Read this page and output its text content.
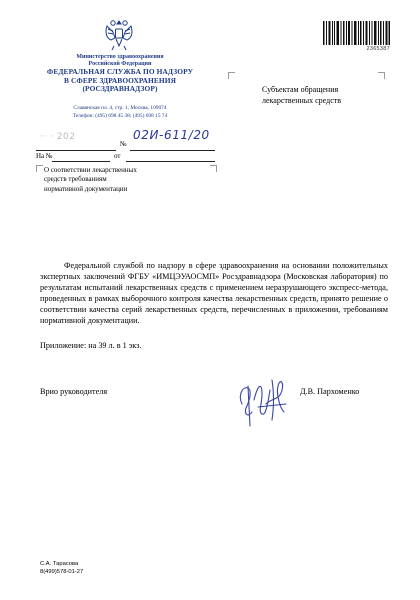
Министерство здравоохранения
Российской Федерации
ФЕДЕРАЛЬНАЯ СЛУЖБА ПО НАДЗОРУ
В СФЕРЕ ЗДРАВООХРАНЕНИЯ
(РОСЗДРАВНАДЗОР)
Славянская пл. 4, стр. 1, Москва, 109074
Телефон: (495) 698 45 38; (495) 698 15 74
2365387
Субъектам обращения
лекарственных средств
·· · 202
№
02И-611/20
На №	от
О соответствии лекарственных
средств требованиям
нормативной документации
Федеральной службой по надзору в сфере здравоохранения на основании положительных экспертных заключений ФГБУ «ИМЦЭУАОСМП» Росздравнадзора (Московская лаборатория) по результатам испытаний лекарственных средств с применением неразрушающего экспресс-метода, проведенных в рамках выборочного контроля качества лекарственных средств, принято решение о соответствии качества серий лекарственных средств, перечисленных в приложении, требованиям нормативной документации.
Приложение: на 39 л. в 1 экз.
Врио руководителя	Д.В. Пархоменко
С.А. Тарасова
8(499)578-01-27
